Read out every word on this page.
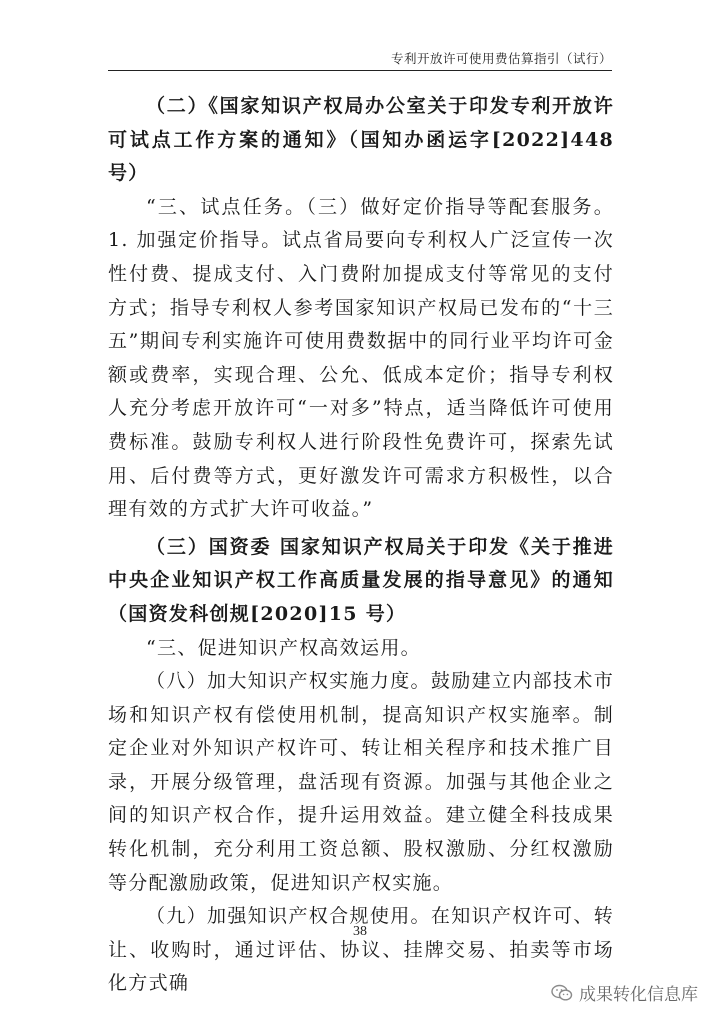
专利开放许可使用费估算指引（试行）

（二）《国家知识产权局办公室关于印发专利开放许可试点工作方案的通知》（国知办函运字[2022]448 号）

“三、试点任务。（三）做好定价指导等配套服务。1. 加强定价指导。试点省局要向专利权人广泛宣传一次性付费、提成支付、入门费附加提成支付等常见的支付方式；指导专利权人参考国家知识产权局已发布的“十三五”期间专利实施许可使用费数据中的同行业平均许可金额或费率，实现合理、公允、低成本定价；指导专利权人充分考虑开放许可“一对多”特点，适当降低许可使用费标准。鼓励专利权人进行阶段性免费许可，探索先试用、后付费等方式，更好激发许可需求方积极性，以合理有效的方式扩大许可收益。”

（三）国资委 国家知识产权局关于印发《关于推进中央企业知识产权工作高质量发展的指导意见》的通知（国资发科创规[2020]15 号）

“三、促进知识产权高效运用。

（八）加大知识产权实施力度。鼓励建立内部技术市场和知识产权有偿使用机制，提高知识产权实施率。制定企业对外知识产权许可、转让相关程序和技术推广目录，开展分级管理，盘活现有资源。加强与其他企业之间的知识产权合作，提升运用效益。建立健全科技成果转化机制，充分利用工资总额、股权激励、分红权激励等分配激励政策，促进知识产权实施。

（九）加强知识产权合规使用。在知识产权许可、转让、收购时，通过评估、协议、挂牌交易、拍卖等市场化方式确

38
成果转化信息库
